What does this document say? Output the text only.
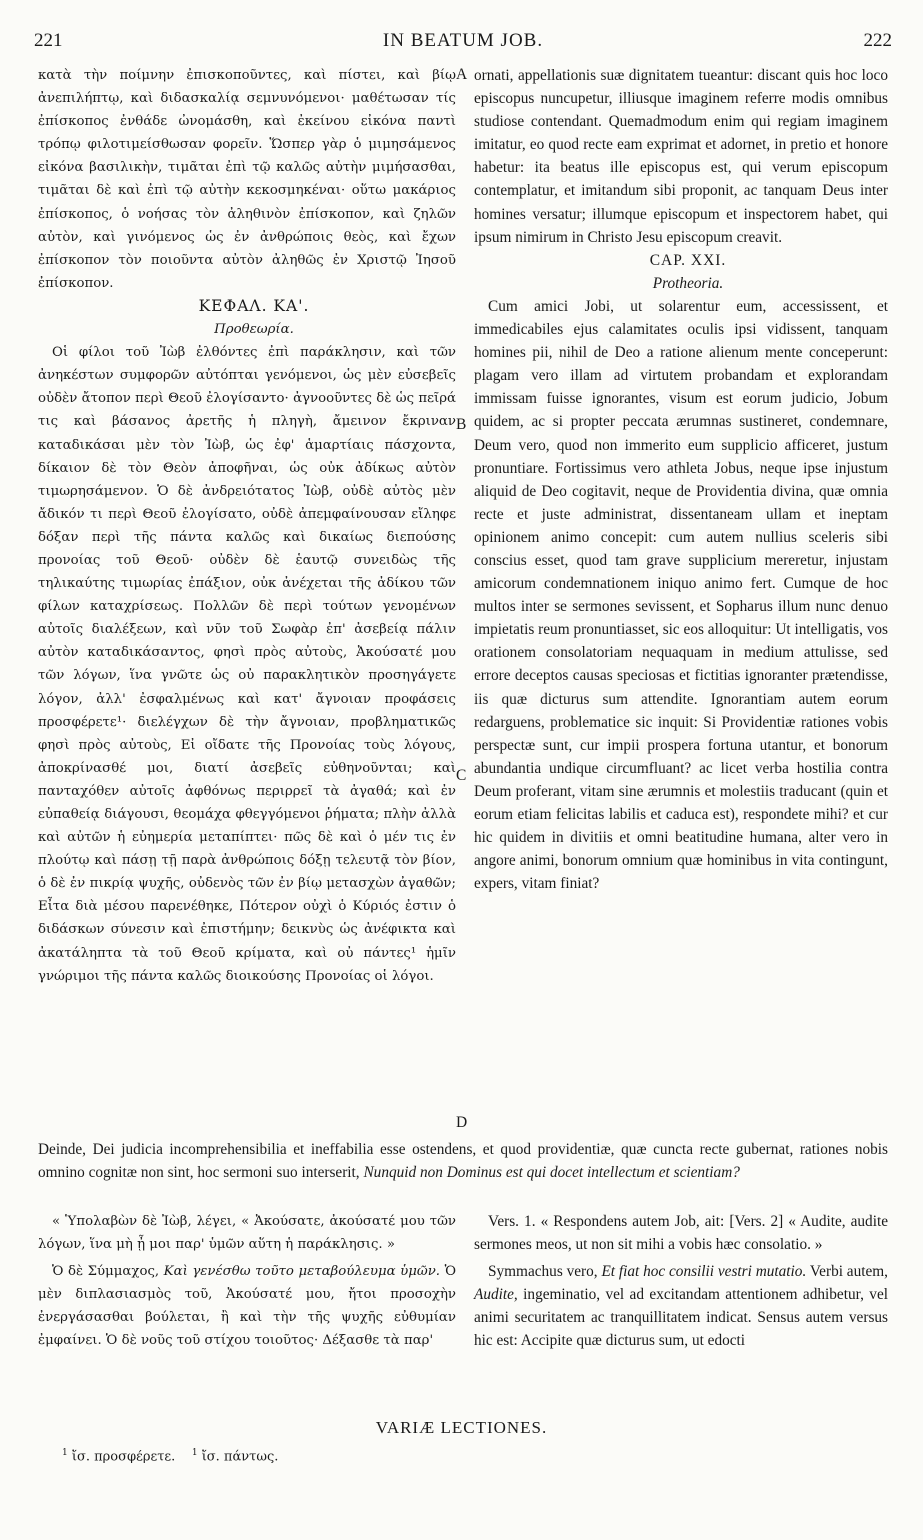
221	IN BEATUM JOB.	222
A
B
C
D

κατὰ τὴν ποίμνην ἐπισκοποῦντες, καὶ πίστει, καὶ βίῳ ἀνεπιλήπτῳ, καὶ διδασκαλίᾳ σεμνυνόμενοι· μαθέτωσαν τίς ἐπίσκοπος ἐνθάδε ὠνομάσθη, καὶ ἐκείνου εἰκόνα παντὶ τρόπῳ φιλοτιμείσθωσαν φορεῖν. Ὥσπερ γὰρ ὁ μιμησάμενος εἰκόνα βασιλικὴν, τιμᾶται ἐπὶ τῷ καλῶς αὐτὴν μιμήσασθαι, τιμᾶται δὲ καὶ ἐπὶ τῷ αὐτὴν κεκοσμηκέναι· οὕτω μακάριος ἐπίσκοπος, ὁ νοήσας τὸν ἀληθινὸν ἐπίσκοπον, καὶ ζηλῶν αὐτὸν, καὶ γινόμενος ὡς ἐν ἀνθρώποις θεὸς, καὶ ἔχων ἐπίσκοπον τὸν ποιοῦντα αὐτὸν ἀληθῶς ἐν Χριστῷ Ἰησοῦ ἐπίσκοπον.

ΚΕΦΑΛ. ΚΑ'.

Προθεωρία.

Οἱ φίλοι τοῦ Ἰὼβ ἐλθόντες ἐπὶ παράκλησιν, καὶ τῶν ἀνηκέστων συμφορῶν αὐτόπται γενόμενοι, ὡς μὲν εὐσεβεῖς οὐδὲν ἄτοπον περὶ Θεοῦ ἐλογίσαντο· ἀγνοοῦντες δὲ ὡς πεῖρά τις καὶ βάσανος ἀρετῆς ἡ πληγὴ, ἄμεινον ἔκριναν καταδικάσαι μὲν τὸν Ἰὼβ, ὡς ἐφ' ἁμαρτίαις πάσχοντα, δίκαιον δὲ τὸν Θεὸν ἀποφῆναι, ὡς οὐκ ἀδίκως αὐτὸν τιμωρησάμενον. Ὁ δὲ ἀνδρειότατος Ἰὼβ, οὐδὲ αὐτὸς μὲν ἄδικόν τι περὶ Θεοῦ ἐλογίσατο, οὐδὲ ἀπεμφαίνουσαν εἴληφε δόξαν περὶ τῆς πάντα καλῶς καὶ δικαίως διεπούσης προνοίας τοῦ Θεοῦ· οὐδὲν δὲ ἑαυτῷ συνειδὼς τῆς τηλικαύτης τιμωρίας ἐπάξιον, οὐκ ἀνέχεται τῆς ἀδίκου τῶν φίλων καταχρίσεως. Πολλῶν δὲ περὶ τούτων γενομένων αὐτοῖς διαλέξεων, καὶ νῦν τοῦ Σωφὰρ ἐπ' ἀσεβείᾳ πάλιν αὐτὸν καταδικάσαντος, φησὶ πρὸς αὐτοὺς, Ἀκούσατέ μου τῶν λόγων, ἵνα γνῶτε ὡς οὐ παρακλητικὸν προσηγάγετε λόγον, ἀλλ' ἐσφαλμένως καὶ κατ' ἄγνοιαν προφάσεις προσφέρετε¹· διελέγχων δὲ τὴν ἄγνοιαν, προβληματικῶς φησὶ πρὸς αὐτοὺς, Εἰ οἴδατε τῆς Προνοίας τοὺς λόγους, ἀποκρίνασθέ μοι, διατί ἀσεβεῖς εὐθηνοῦνται; καὶ πανταχόθεν αὐτοῖς ἀφθόνως περιρρεῖ τὰ ἀγαθά; καὶ ἐν εὐπαθείᾳ διάγουσι, θεομάχα φθεγγόμενοι ῥήματα; πλὴν ἀλλὰ καὶ αὐτῶν ἡ εὐημερία μεταπίπτει· πῶς δὲ καὶ ὁ μέν τις ἐν πλούτῳ καὶ πάσῃ τῇ παρὰ ἀνθρώποις δόξῃ τελευτᾷ τὸν βίον, ὁ δὲ ἐν πικρίᾳ ψυχῆς, οὐδενὸς τῶν ἐν βίῳ μετασχὼν ἀγαθῶν; Εἶτα διὰ μέσου παρενέθηκε, Πότερον οὐχὶ ὁ Κύριός ἐστιν ὁ διδάσκων σύνεσιν καὶ ἐπιστήμην; δεικνὺς ὡς ἀνέφικτα καὶ ἀκατάληπτα τὰ τοῦ Θεοῦ κρίματα, καὶ οὐ πάντες¹ ἡμῖν γνώριμοι τῆς πάντα καλῶς διοικούσης Προνοίας οἱ λόγοι.

ornati, appellationis suæ dignitatem tueantur: discant quis hoc loco episcopus nuncupetur, illiusque imaginem referre modis omnibus studiose contendant. Quemadmodum enim qui regiam imaginem imitatur, eo quod recte eam exprimat et adornet, in pretio et honore habetur: ita beatus ille episcopus est, qui verum episcopum contemplatur, et imitandum sibi proponit, ac tanquam Deus inter homines versatur; illumque episcopum et inspectorem habet, qui ipsum nimirum in Christo Jesu episcopum creavit.

CAP. XXI.

Protheoria.

Cum amici Jobi, ut solarentur eum, accessissent, et immedicabiles ejus calamitates oculis ipsi vidissent, tanquam homines pii, nihil de Deo a ratione alienum mente conceperunt: plagam vero illam ad virtutem probandam et explorandam immissam fuisse ignorantes, visum est eorum judicio, Jobum quidem, ac si propter peccata ærumnas sustineret, condemnare, Deum vero, quod non immerito eum supplicio afficeret, justum pronuntiare. Fortissimus vero athleta Jobus, neque ipse injustum aliquid de Deo cogitavit, neque de Providentia divina, quæ omnia recte et juste administrat, dissentaneam ullam et ineptam opinionem animo concepit: cum autem nullius sceleris sibi conscius esset, quod tam grave supplicium mereretur, injustam amicorum condemnationem iniquo animo fert. Cumque de hoc multos inter se sermones sevissent, et Sopharus illum nunc denuo impietatis reum pronuntiasset, sic eos alloquitur: Ut intelligatis, vos orationem consolatoriam nequaquam in medium attulisse, sed errore deceptos causas speciosas et fictitias ignoranter prætendisse, iis quæ dicturus sum attendite. Ignorantiam autem eorum redarguens, problematice sic inquit: Si Providentiæ rationes vobis perspectæ sunt, cur impii prospera fortuna utantur, et bonorum abundantia undique circumfluant? ac licet verba hostilia contra Deum proferant, vitam sine ærumnis et molestiis traducant (quin et eorum etiam felicitas labilis et caduca est), respondete mihi? et cur hic quidem in divitiis et omni beatitudine humana, alter vero in angore animi, bonorum omnium quæ hominibus in vita contingunt, expers, vitam finiat?

Deinde, Dei judicia incomprehensibilia et ineffabilia esse ostendens, et quod providentiæ, quæ cuncta recte gubernat, rationes nobis omnino cognitæ non sint, hoc sermoni suo interserit, Nunquid non Dominus est qui docet intellectum et scientiam?

« Ὑπολαβὼν δὲ Ἰὼβ, λέγει, « Ἀκούσατε, ἀκούσατέ μου τῶν λόγων, ἵνα μὴ ᾖ μοι παρ' ὑμῶν αὕτη ἡ παράκλησις. »

Ὁ δὲ Σύμμαχος, Καὶ γενέσθω τοῦτο μεταβούλευμα ὑμῶν. Ὁ μὲν διπλασιασμὸς τοῦ, Ἀκούσατέ μου, ἤτοι προσοχὴν ἐνεργάσασθαι βούλεται, ἢ καὶ τὴν τῆς ψυχῆς εὐθυμίαν ἐμφαίνει. Ὁ δὲ νοῦς τοῦ στίχου τοιοῦτος· Δέξασθε τὰ παρ'

Vers. 1. « Respondens autem Job, ait: [Vers. 2] « Audite, audite sermones meos, ut non sit mihi a vobis hæc consolatio. »

Symmachus vero, Et fiat hoc consilii vestri mutatio. Verbi autem, Audite, ingeminatio, vel ad excitandam attentionem adhibetur, vel animi securitatem ac tranquillitatem indicat. Sensus autem versus hic est: Accipite quæ dicturus sum, ut edocti

VARIÆ LECTIONES.
$^1$ ἴσ. προσφέρετε. $^1$ ἴσ. πάντως.
